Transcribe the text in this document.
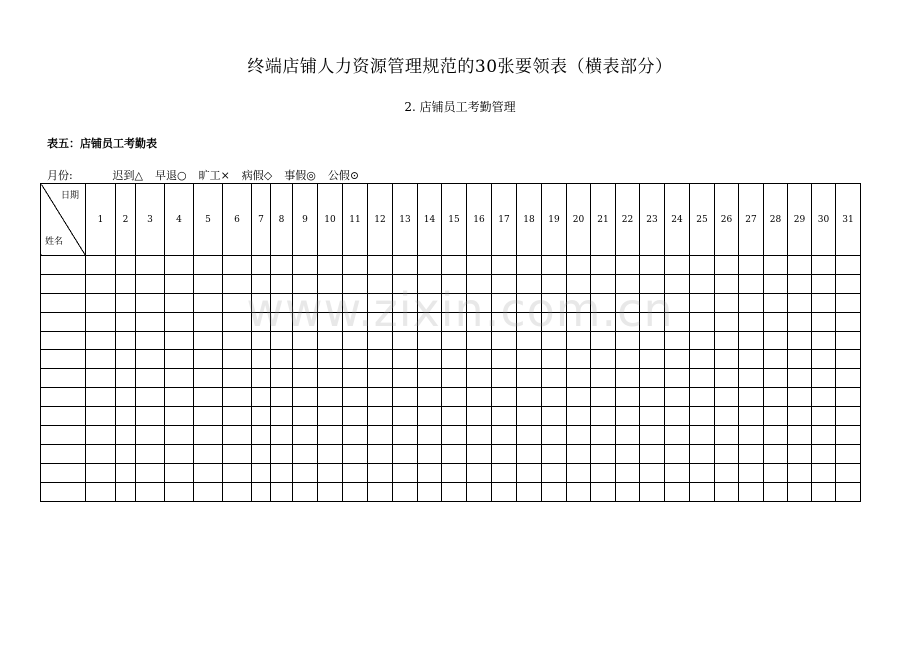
终端店铺人力资源管理规范的30张要领表（横表部分）
2. 店铺员工考勤管理
表五：店铺员工考勤表
月份:	迟到△ 早退○ 旷工× 病假◇ 事假◎ 公假⊙
日期
姓名	1	2	3	4	5	6	7	8	9	10	11	12	13	14	15	16	17	18	19	20	21	22	23	24	25	26	27	28	29	30	31

www.zixin.com.cn
